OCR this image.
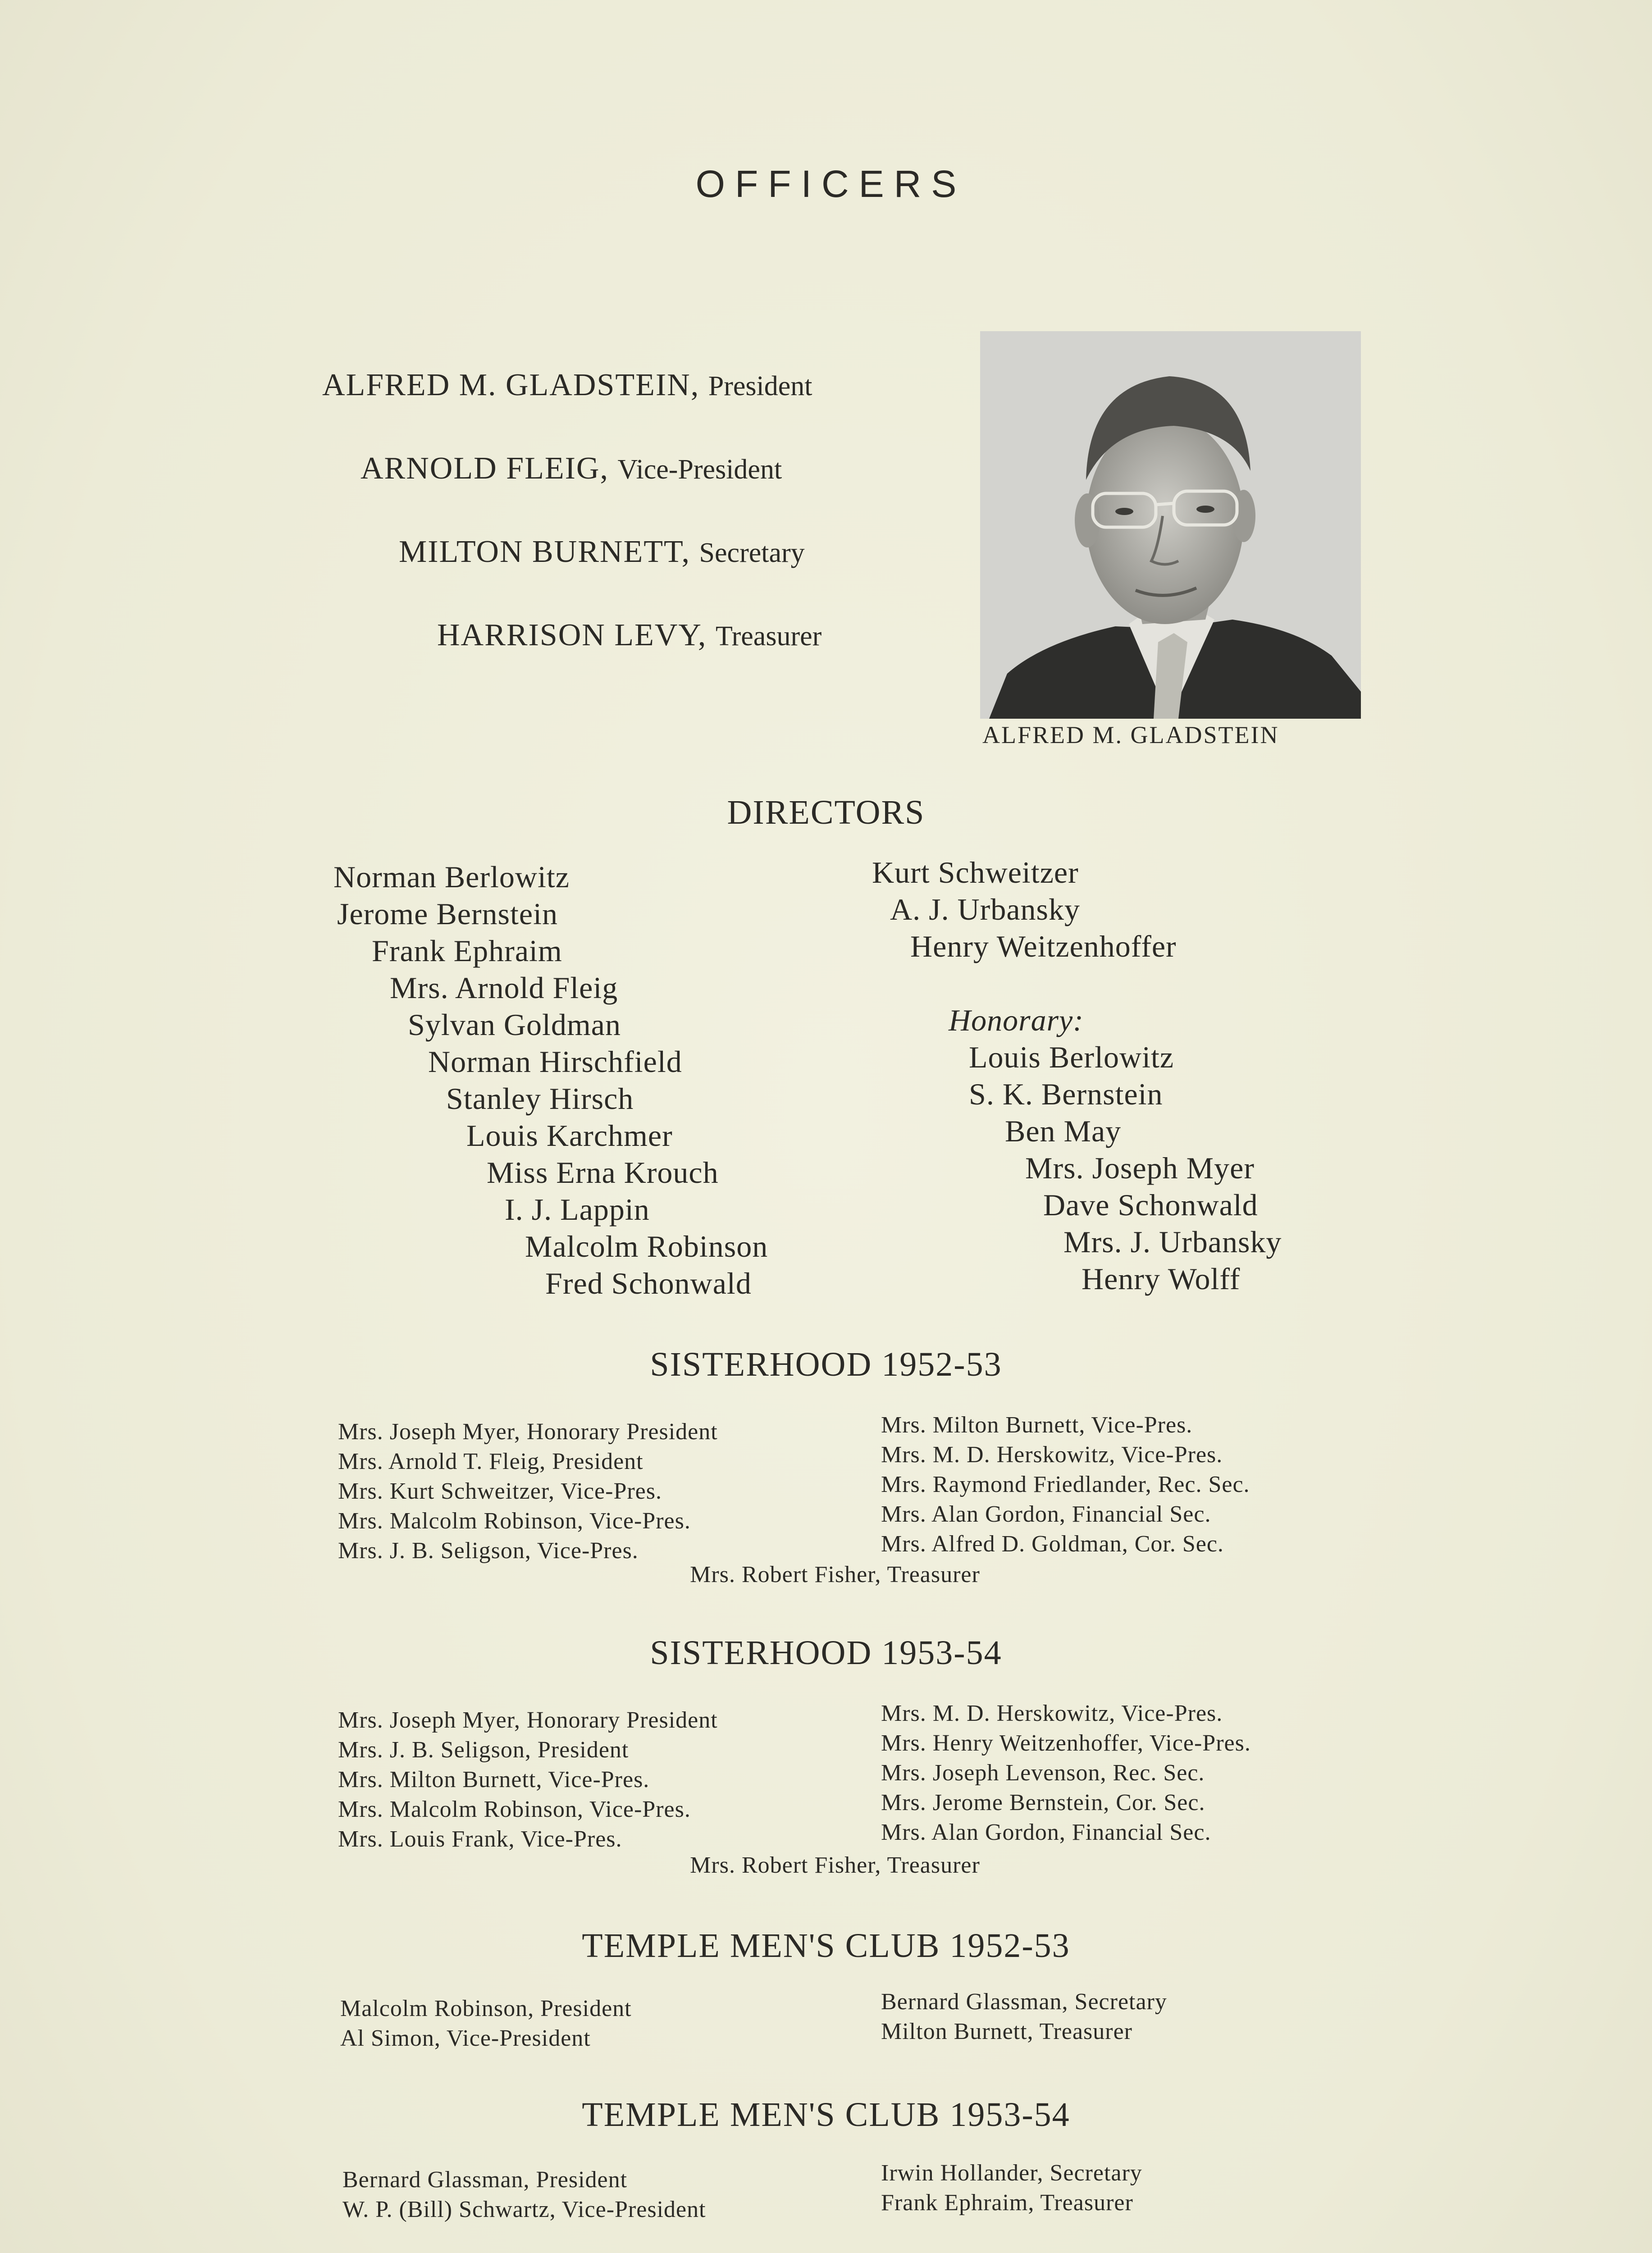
OFFICERS
ALFRED M. GLADSTEIN, President
ARNOLD FLEIG, Vice-President
MILTON BURNETT, Secretary
HARRISON LEVY, Treasurer
ALFRED M. GLADSTEIN
DIRECTORS
Norman Berlowitz
Jerome Bernstein
Frank Ephraim
Mrs. Arnold Fleig
Sylvan Goldman
Norman Hirschfield
Stanley Hirsch
Louis Karchmer
Miss Erna Krouch
I. J. Lappin
Malcolm Robinson
Fred Schonwald
Kurt Schweitzer
A. J. Urbansky
Henry Weitzenhoffer
Honorary:
Louis Berlowitz
S. K. Bernstein
Ben May
Mrs. Joseph Myer
Dave Schonwald
Mrs. J. Urbansky
Henry Wolff
SISTERHOOD 1952-53
Mrs. Joseph Myer, Honorary President
Mrs. Arnold T. Fleig, President
Mrs. Kurt Schweitzer, Vice-Pres.
Mrs. Malcolm Robinson, Vice-Pres.
Mrs. J. B. Seligson, Vice-Pres.
Mrs. Milton Burnett, Vice-Pres.
Mrs. M. D. Herskowitz, Vice-Pres.
Mrs. Raymond Friedlander, Rec. Sec.
Mrs. Alan Gordon, Financial Sec.
Mrs. Alfred D. Goldman, Cor. Sec.
Mrs. Robert Fisher, Treasurer
SISTERHOOD 1953-54
Mrs. Joseph Myer, Honorary President
Mrs. J. B. Seligson, President
Mrs. Milton Burnett, Vice-Pres.
Mrs. Malcolm Robinson, Vice-Pres.
Mrs. Louis Frank, Vice-Pres.
Mrs. M. D. Herskowitz, Vice-Pres.
Mrs. Henry Weitzenhoffer, Vice-Pres.
Mrs. Joseph Levenson, Rec. Sec.
Mrs. Jerome Bernstein, Cor. Sec.
Mrs. Alan Gordon, Financial Sec.
Mrs. Robert Fisher, Treasurer
TEMPLE MEN'S CLUB 1952-53
Malcolm Robinson, President
Al Simon, Vice-President
Bernard Glassman, Secretary
Milton Burnett, Treasurer
TEMPLE MEN'S CLUB 1953-54
Bernard Glassman, President
W. P. (Bill) Schwartz, Vice-President
Irwin Hollander, Secretary
Frank Ephraim, Treasurer
